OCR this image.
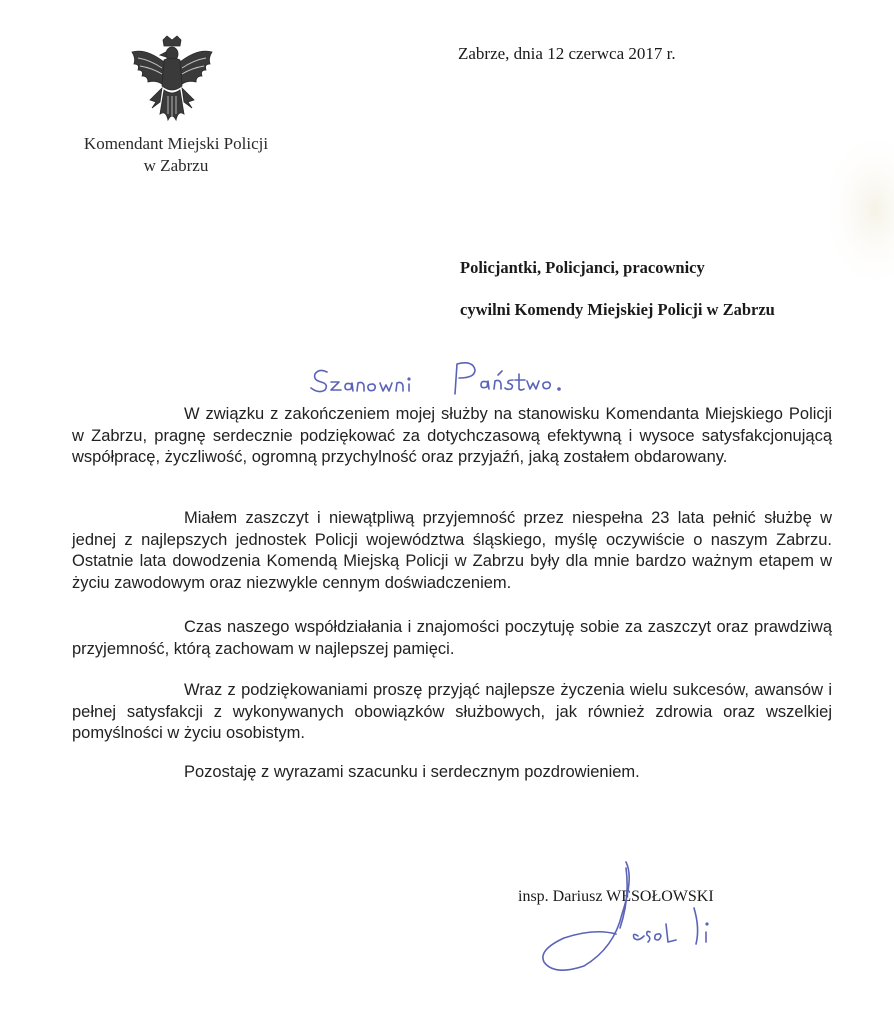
Komendant Miejski Policji
w Zabrzu
Zabrze, dnia 12 czerwca 2017 r.
Policjantki, Policjanci, pracownicy
cywilni Komendy Miejskiej Policji w Zabrzu
W związku z zakończeniem mojej służby na stanowisku Komendanta Miejskiego Policji w Zabrzu, pragnę serdecznie podziękować za dotychczasową efektywną i wysoce satysfakcjonującą współpracę, życzliwość, ogromną przychylność oraz przyjaźń, jaką zostałem obdarowany.
Miałem zaszczyt i niewątpliwą przyjemność przez niespełna 23 lata pełnić służbę w jednej z najlepszych jednostek Policji województwa śląskiego, myślę oczywiście o naszym Zabrzu. Ostatnie lata dowodzenia Komendą Miejską Policji w Zabrzu były dla mnie bardzo ważnym etapem w życiu zawodowym oraz niezwykle cennym doświadczeniem.
Czas naszego współdziałania i znajomości poczytuję sobie za zaszczyt oraz prawdziwą przyjemność, którą zachowam w najlepszej pamięci.
Wraz z podziękowaniami proszę przyjąć najlepsze życzenia wielu sukcesów, awansów i pełnej satysfakcji z wykonywanych obowiązków służbowych, jak również zdrowia oraz wszelkiej pomyślności w życiu osobistym.
Pozostaję z wyrazami szacunku i serdecznym pozdrowieniem.
insp. Dariusz WESOŁOWSKI
